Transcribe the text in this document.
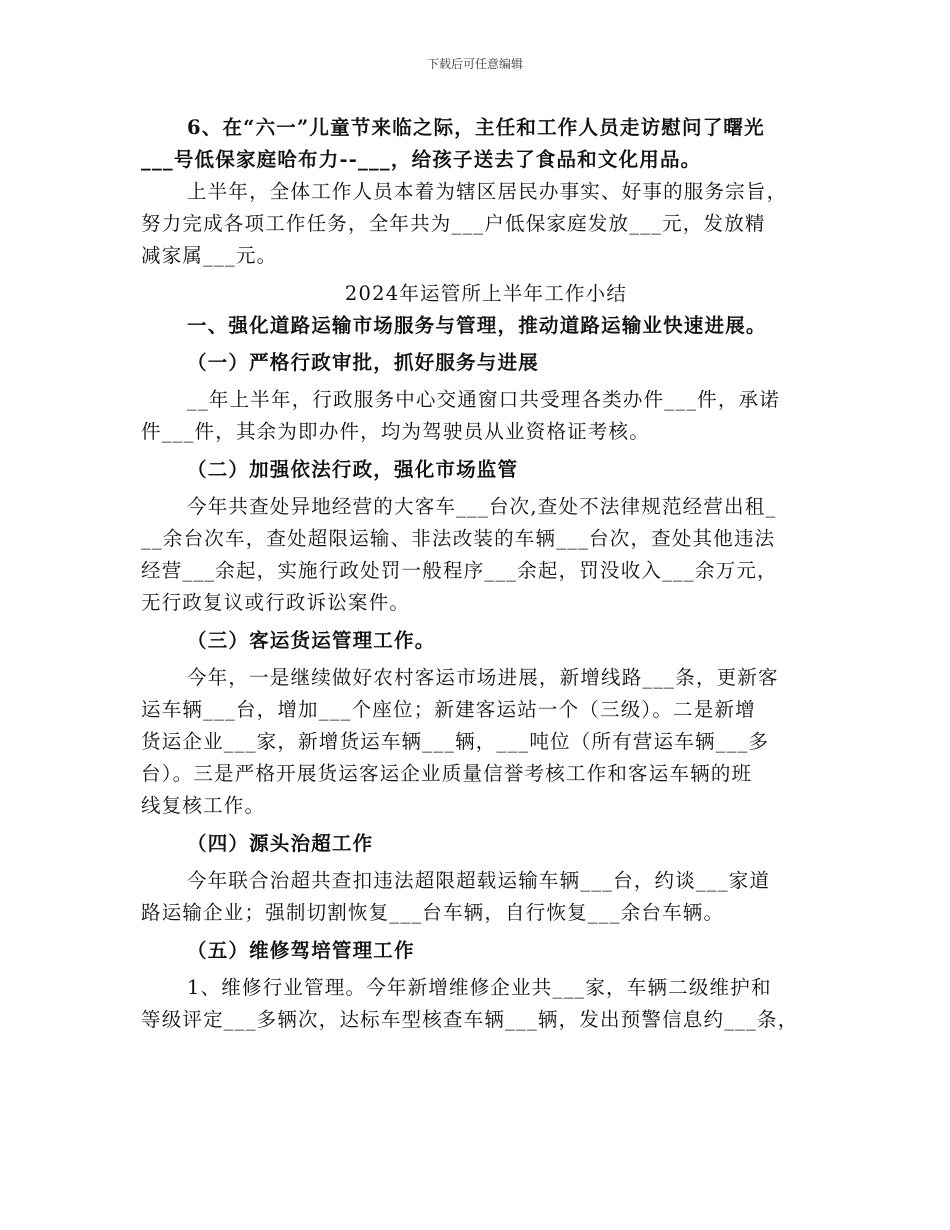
下载后可任意编辑
6、在“六一”儿童节来临之际，主任和工作人员走访慰问了曙光
___号低保家庭哈布力--___，给孩子送去了食品和文化用品。
上半年，全体工作人员本着为辖区居民办事实、好事的服务宗旨，
努力完成各项工作任务，全年共为___户低保家庭发放___元，发放精
减家属___元。
2024年运管所上半年工作小结
一、强化道路运输市场服务与管理，推动道路运输业快速进展。
（一）严格行政审批，抓好服务与进展
__年上半年，行政服务中心交通窗口共受理各类办件___件，承诺
件___件，其余为即办件，均为驾驶员从业资格证考核。
（二）加强依法行政，强化市场监管
今年共查处异地经营的大客车___台次,查处不法律规范经营出租_
__余台次车，查处超限运输、非法改装的车辆___台次，查处其他违法
经营___余起，实施行政处罚一般程序___余起，罚没收入___余万元，
无行政复议或行政诉讼案件。
（三）客运货运管理工作。
今年，一是继续做好农村客运市场进展，新增线路___条，更新客
运车辆___台，增加___个座位；新建客运站一个（三级）。二是新增
货运企业___家，新增货运车辆___辆，___吨位（所有营运车辆___多
台）。三是严格开展货运客运企业质量信誉考核工作和客运车辆的班
线复核工作。
（四）源头治超工作
今年联合治超共查扣违法超限超载运输车辆___台，约谈___家道
路运输企业；强制切割恢复___台车辆，自行恢复___余台车辆。
（五）维修驾培管理工作
1、维修行业管理。今年新增维修企业共___家，车辆二级维护和
等级评定___多辆次，达标车型核查车辆___辆，发出预警信息约___条，
